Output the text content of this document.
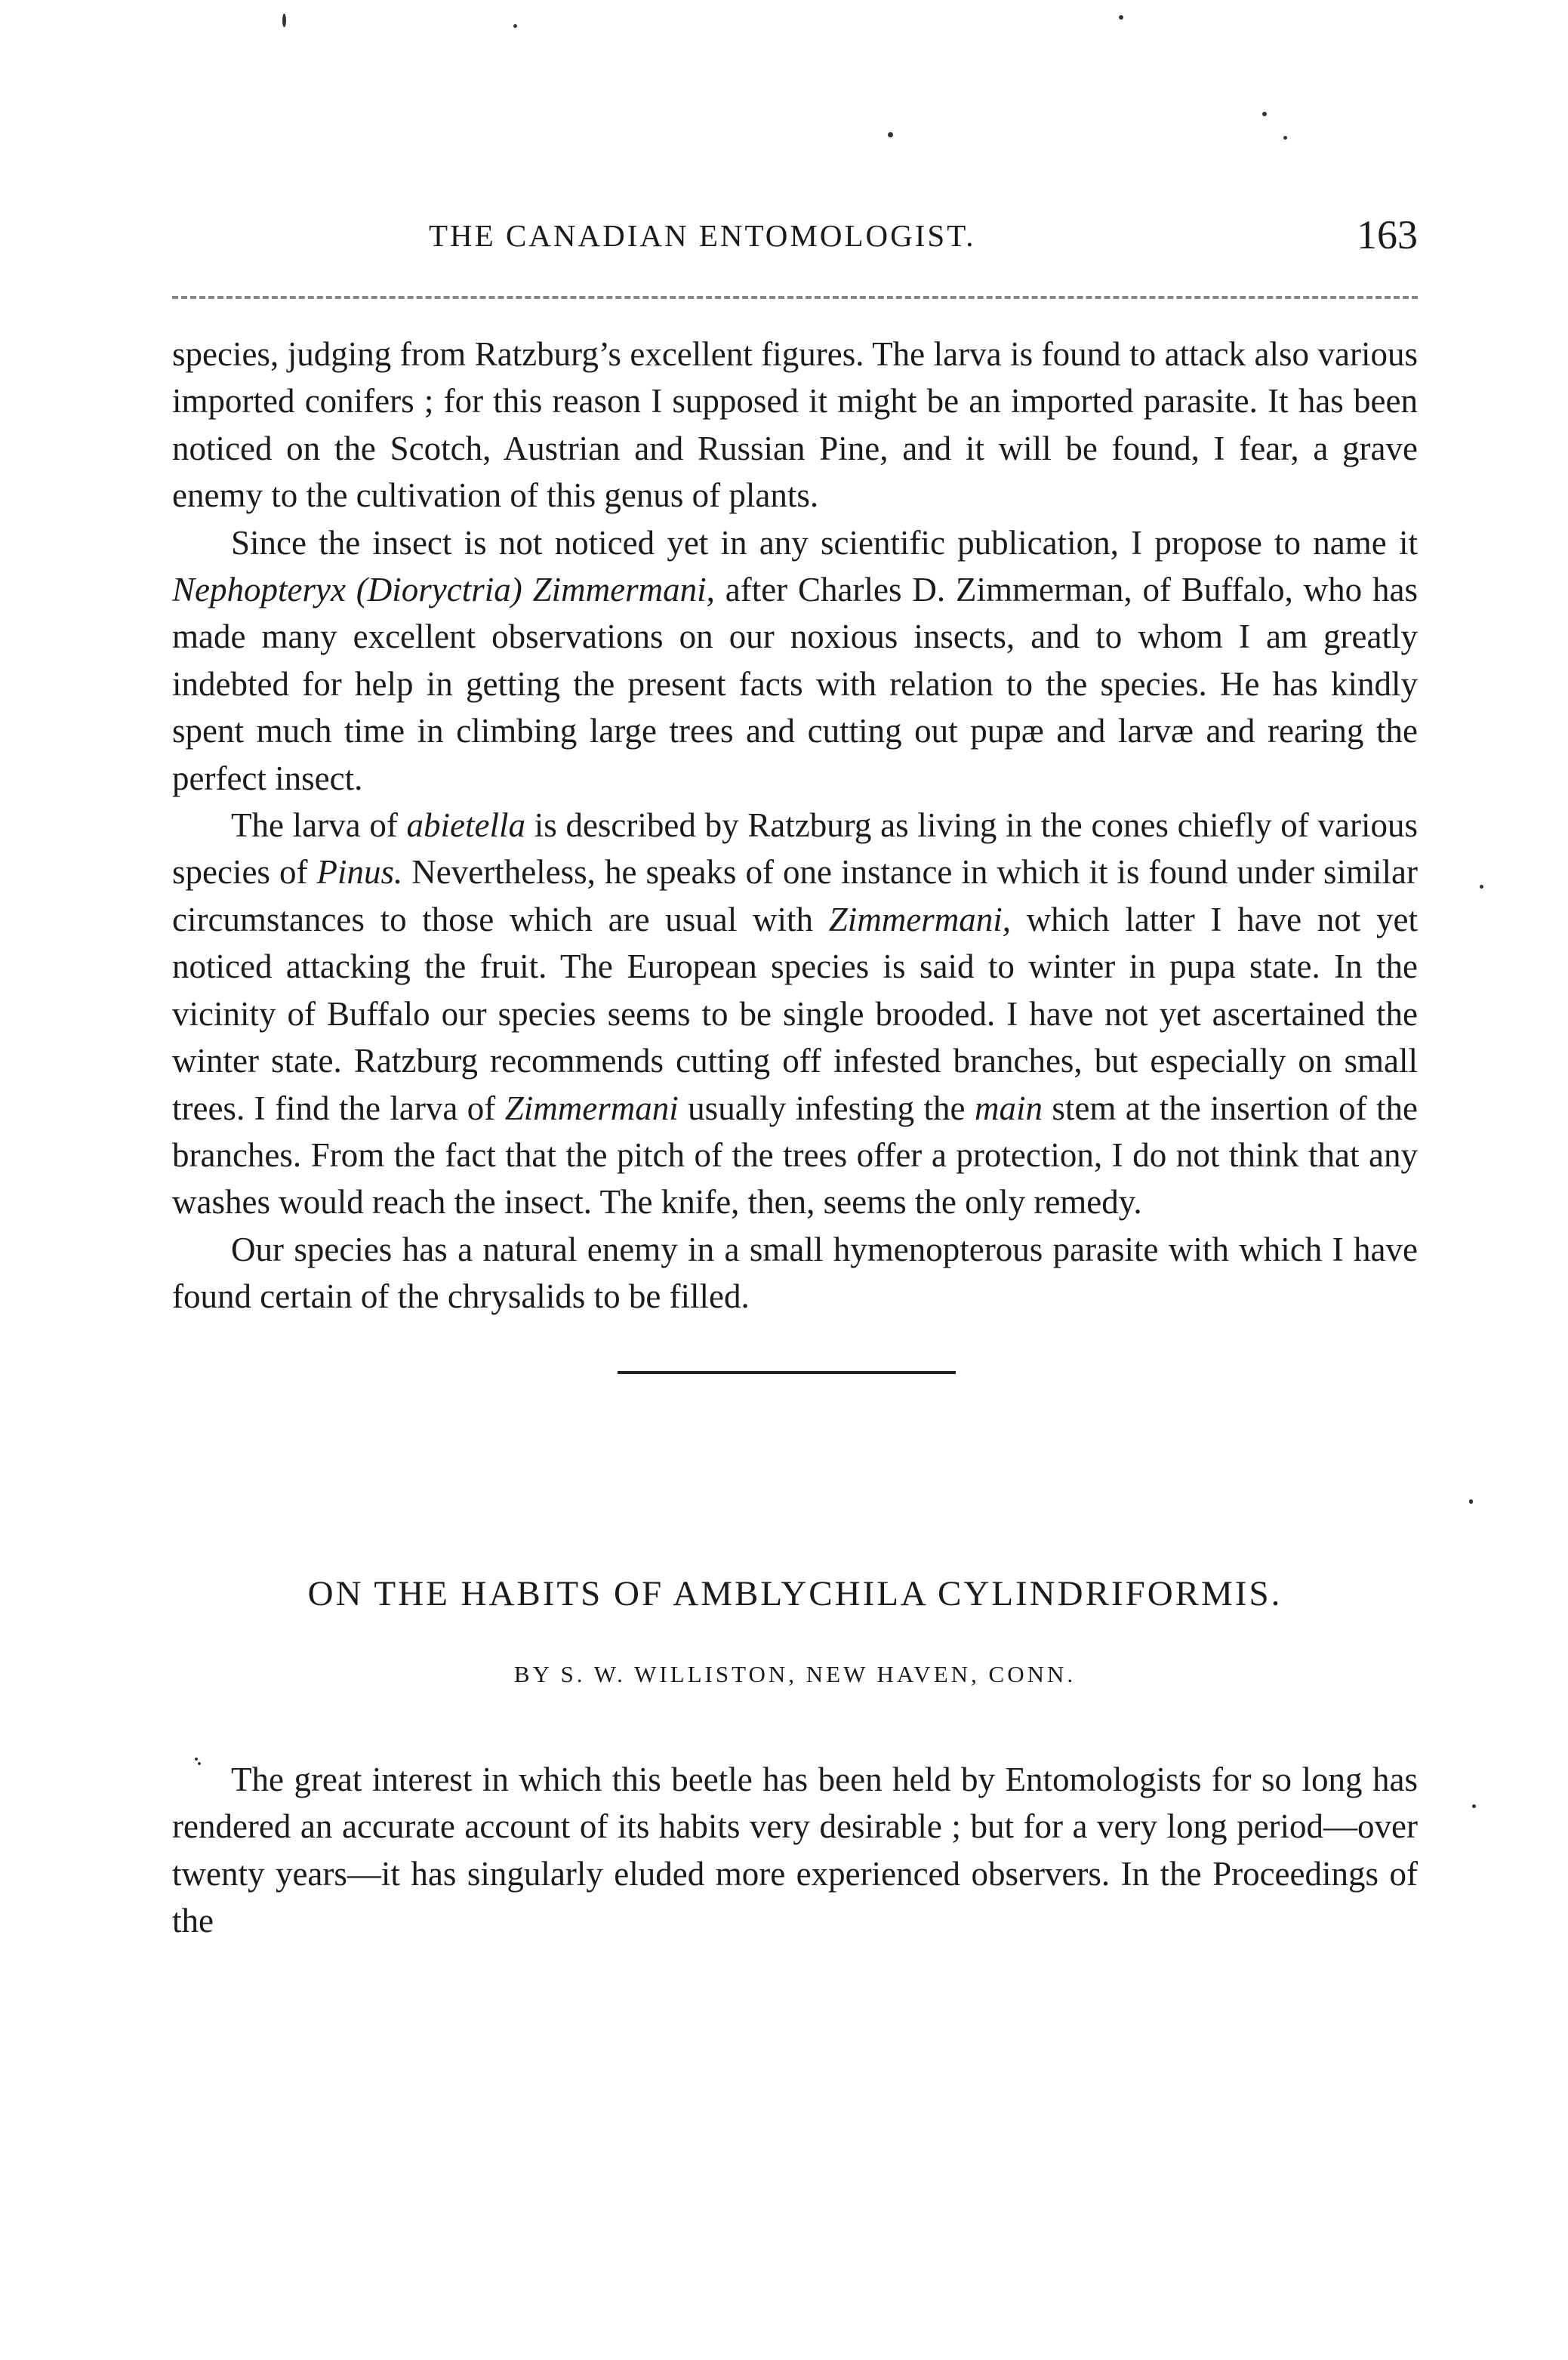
THE CANADIAN ENTOMOLOGIST.	163

species, judging from Ratzburg’s excellent figures. The larva is found to attack also various imported conifers ; for this reason I supposed it might be an imported parasite. It has been noticed on the Scotch, Austrian and Russian Pine, and it will be found, I fear, a grave enemy to the cultivation of this genus of plants.

Since the insect is not noticed yet in any scientific publication, I propose to name it Nephopteryx (Dioryctria) Zimmermani, after Charles D. Zimmerman, of Buffalo, who has made many excellent observations on our noxious insects, and to whom I am greatly indebted for help in getting the present facts with relation to the species. He has kindly spent much time in climbing large trees and cutting out pupæ and larvæ and rearing the perfect insect.

The larva of abietella is described by Ratzburg as living in the cones chiefly of various species of Pinus. Nevertheless, he speaks of one instance in which it is found under similar circumstances to those which are usual with Zimmermani, which latter I have not yet noticed attacking the fruit. The European species is said to winter in pupa state. In the vicinity of Buffalo our species seems to be single brooded. I have not yet ascertained the winter state. Ratzburg recommends cutting off infested branches, but especially on small trees. I find the larva of Zimmermani usually infesting the main stem at the insertion of the branches. From the fact that the pitch of the trees offer a protection, I do not think that any washes would reach the insect. The knife, then, seems the only remedy.

Our species has a natural enemy in a small hymenopterous parasite with which I have found certain of the chrysalids to be filled.

ON THE HABITS OF AMBLYCHILA CYLINDRIFORMIS.
BY S. W. WILLISTON, NEW HAVEN, CONN.

The great interest in which this beetle has been held by Entomologists for so long has rendered an accurate account of its habits very desirable ; but for a very long period—over twenty years—it has singularly eluded more experienced observers. In the Proceedings of the
